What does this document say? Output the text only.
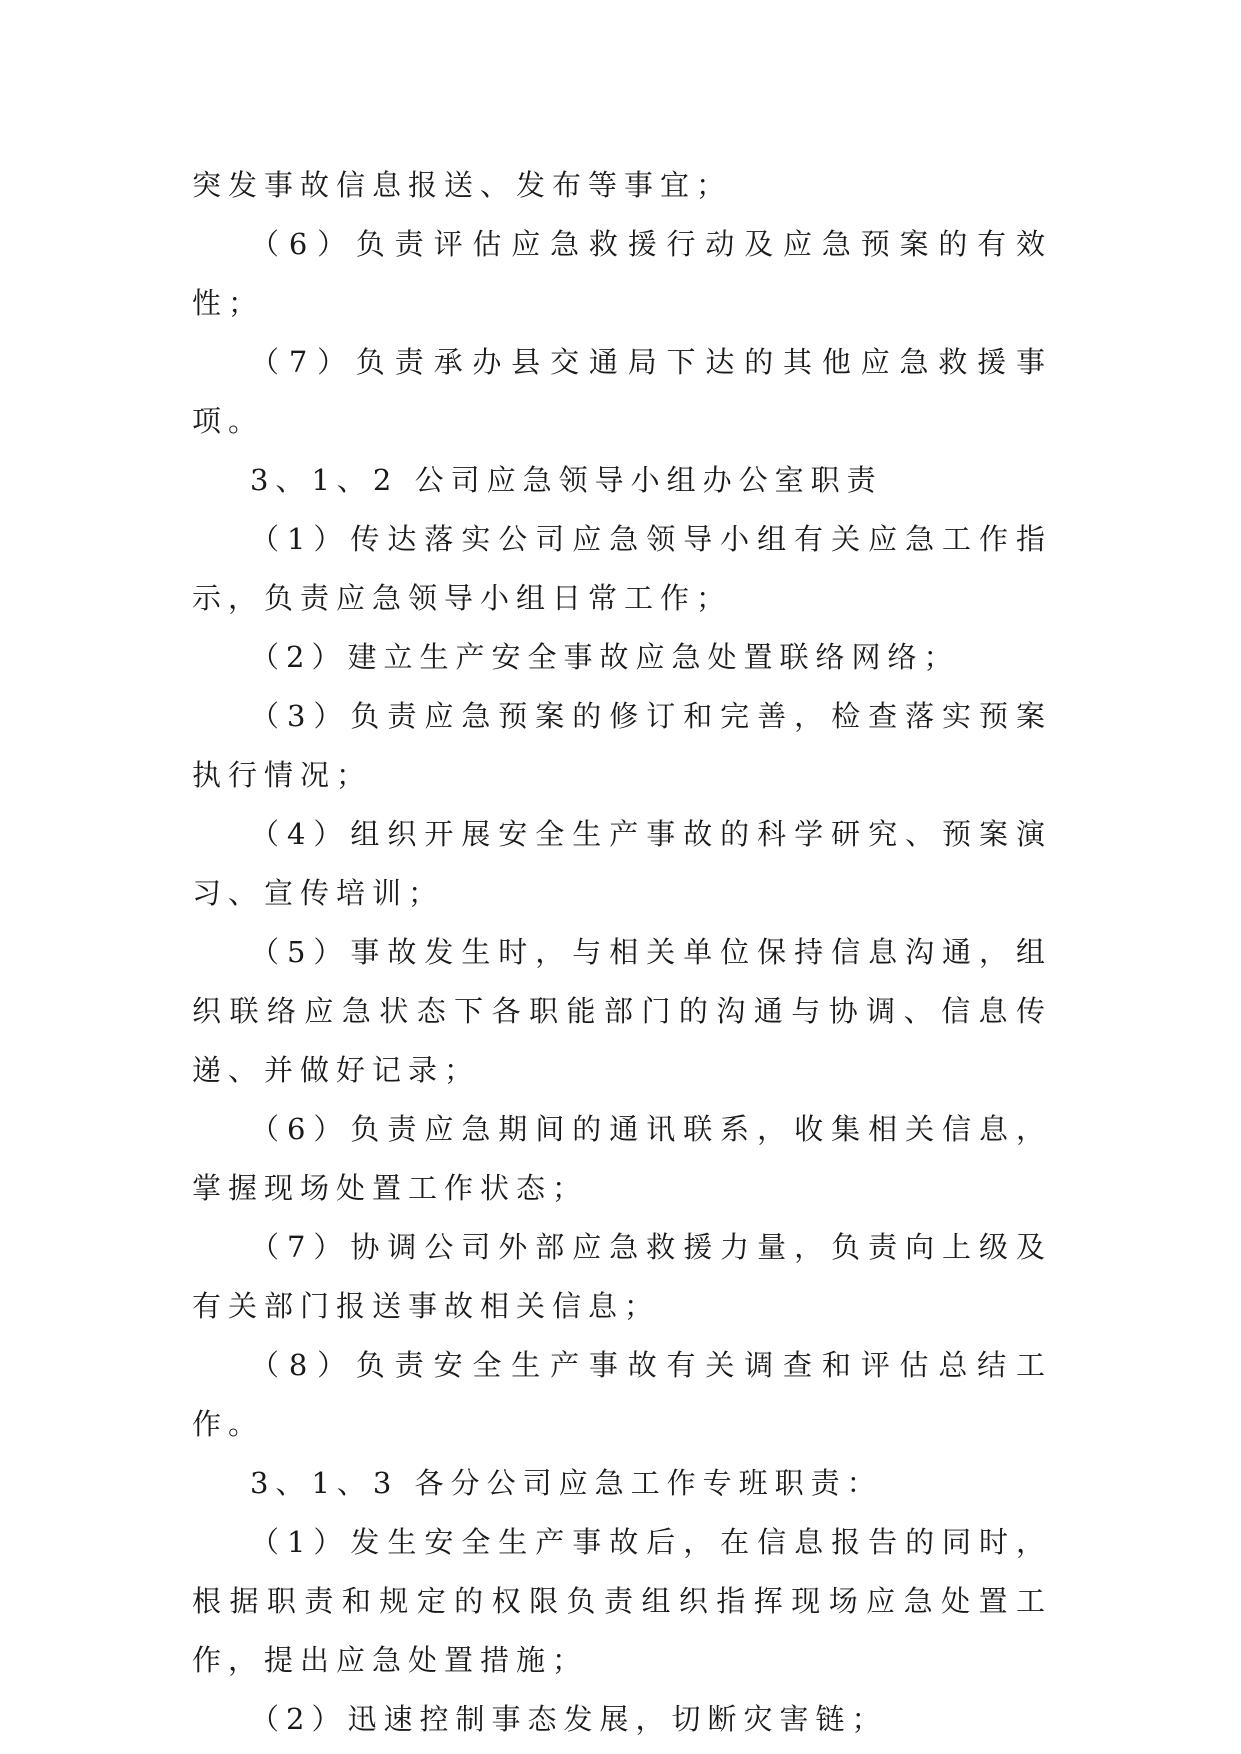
突发事故信息报送、发布等事宜；

（6）负责评估应急救援行动及应急预案的有效性；

（7）负责承办县交通局下达的其他应急救援事项。

3、1、2 公司应急领导小组办公室职责

（1）传达落实公司应急领导小组有关应急工作指示，负责应急领导小组日常工作；

（2）建立生产安全事故应急处置联络网络；

（3）负责应急预案的修订和完善，检查落实预案执行情况；

（4）组织开展安全生产事故的科学研究、预案演习、宣传培训；

（5）事故发生时，与相关单位保持信息沟通，组织联络应急状态下各职能部门的沟通与协调、信息传递、并做好记录；

（6）负责应急期间的通讯联系，收集相关信息，掌握现场处置工作状态；

（7）协调公司外部应急救援力量，负责向上级及有关部门报送事故相关信息；

（8）负责安全生产事故有关调查和评估总结工作。

3、1、3 各分公司应急工作专班职责：

（1）发生安全生产事故后，在信息报告的同时，根据职责和规定的权限负责组织指挥现场应急处置工作，提出应急处置措施；

（2）迅速控制事态发展，切断灾害链；
